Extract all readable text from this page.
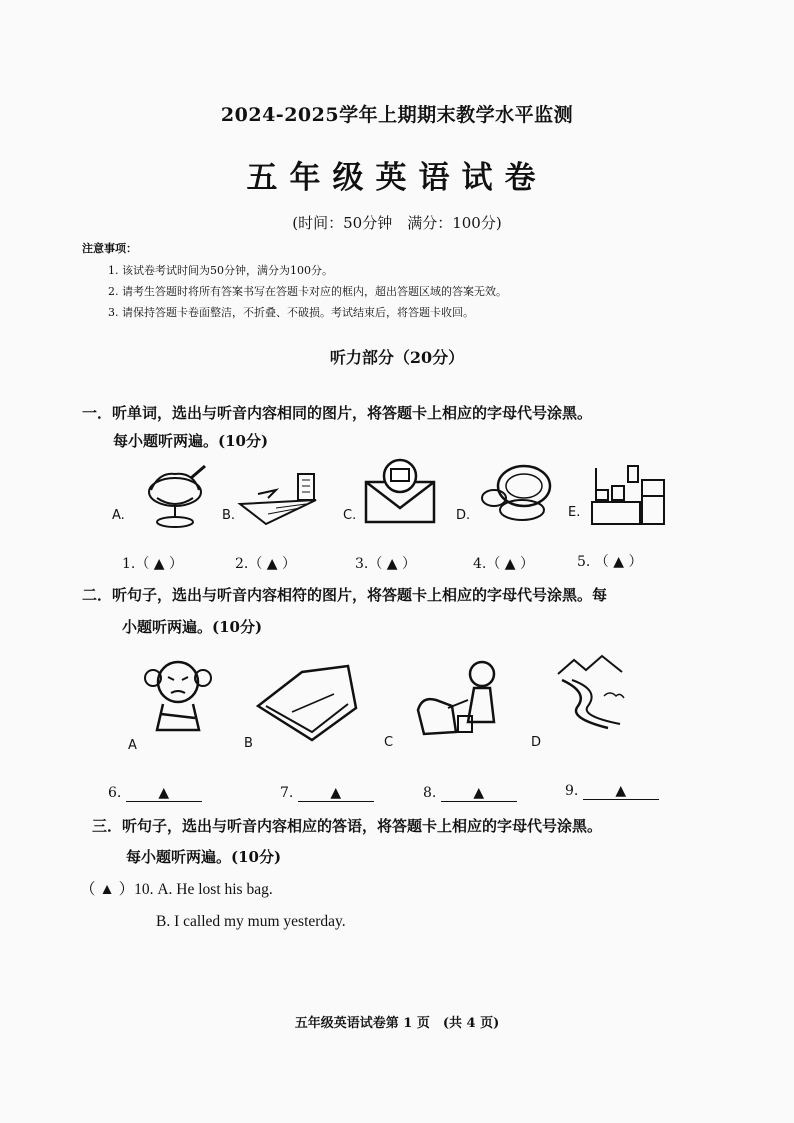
2024-2025学年上期期末教学水平监测
五年级英语试卷
(时间：50分钟　满分：100分)
注意事项：
1. 该试卷考试时间为50分钟，满分为100分。
2. 请考生答题时将所有答案书写在答题卡对应的框内，超出答题区域的答案无效。
3. 请保持答题卡卷面整洁，不折叠、不破损。考试结束后，将答题卡收回。
听力部分（20分）
一．听单词，选出与听音内容相同的图片，将答题卡上相应的字母代号涂黑。
每小题听两遍。(10分)
A.	B.	C.	D.	E.
1.（ ▲ ）	2.（ ▲ ）	3.（ ▲ ）	4.（ ▲ ）	5. （ ▲ ）
二．听句子，选出与听音内容相符的图片，将答题卡上相应的字母代号涂黑。每
小题听两遍。(10分)
A	B	C	D
6.	▲	7.	▲	8.	▲	9.	▲
三．听句子，选出与听音内容相应的答语，将答题卡上相应的字母代号涂黑。
每小题听两遍。(10分)
（ ▲ ）10. A. He lost his bag.
B. I called my mum yesterday.
五年级英语试卷第 1 页　(共 4 页)
